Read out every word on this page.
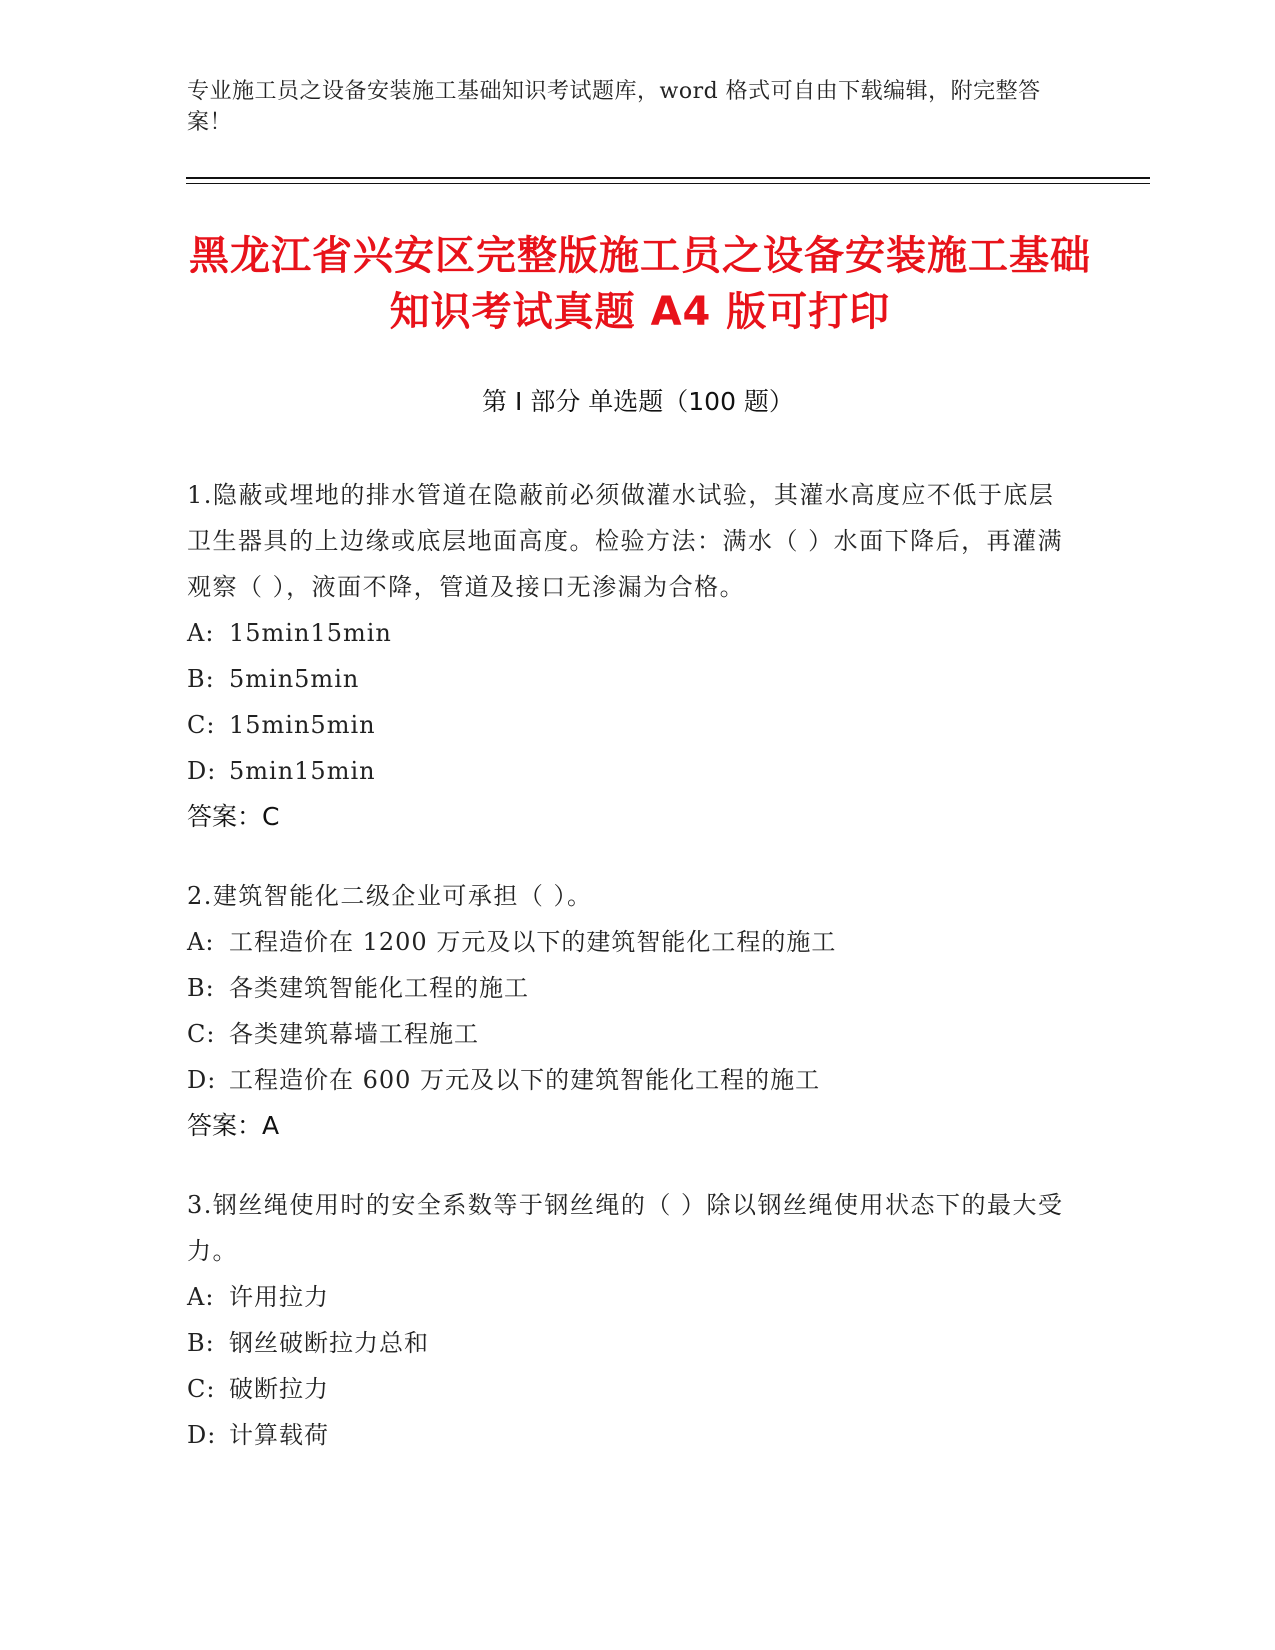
专业施工员之设备安装施工基础知识考试题库，word 格式可自由下载编辑，附完整答案！
黑龙江省兴安区完整版施工员之设备安装施工基础知识考试真题 A4 版可打印
第 I 部分 单选题（100 题）
1.隐蔽或埋地的排水管道在隐蔽前必须做灌水试验，其灌水高度应不低于底层卫生器具的上边缘或底层地面高度。检验方法：满水（ ）水面下降后，再灌满观察（ ），液面不降，管道及接口无渗漏为合格。
A: 15min15min
B: 5min5min
C: 15min5min
D: 5min15min
答案：C
2.建筑智能化二级企业可承担（ ）。
A: 工程造价在 1200 万元及以下的建筑智能化工程的施工
B: 各类建筑智能化工程的施工
C: 各类建筑幕墙工程施工
D: 工程造价在 600 万元及以下的建筑智能化工程的施工
答案：A
3.钢丝绳使用时的安全系数等于钢丝绳的（ ）除以钢丝绳使用状态下的最大受力。
A: 许用拉力
B: 钢丝破断拉力总和
C: 破断拉力
D: 计算载荷
